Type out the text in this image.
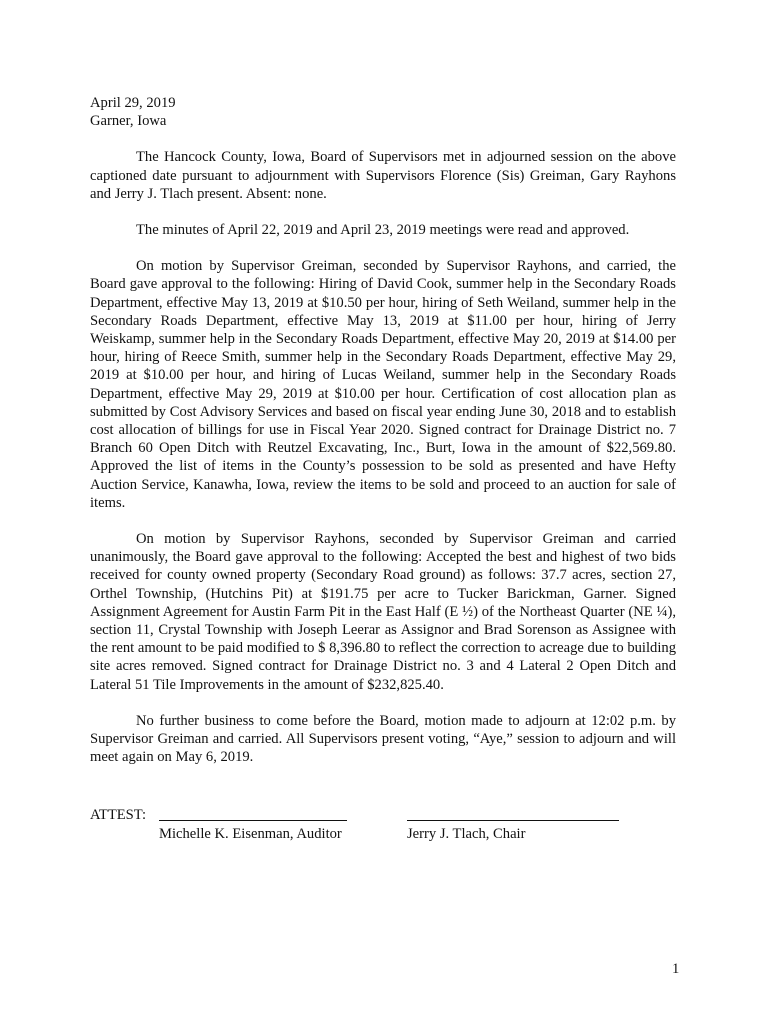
April 29, 2019

Garner, Iowa

The Hancock County, Iowa, Board of Supervisors met in adjourned session on the above captioned date pursuant to adjournment with Supervisors Florence (Sis) Greiman, Gary Rayhons and Jerry J. Tlach present. Absent: none.

The minutes of April 22, 2019 and April 23, 2019 meetings were read and approved.

On motion by Supervisor Greiman, seconded by Supervisor Rayhons, and carried, the Board gave approval to the following: Hiring of David Cook, summer help in the Secondary Roads Department, effective May 13, 2019 at $10.50 per hour, hiring of Seth Weiland, summer help in the Secondary Roads Department, effective May 13, 2019 at $11.00 per hour, hiring of Jerry Weiskamp, summer help in the Secondary Roads Department, effective May 20, 2019 at $14.00 per hour, hiring of Reece Smith, summer help in the Secondary Roads Department, effective May 29, 2019 at $10.00 per hour, and hiring of Lucas Weiland, summer help in the Secondary Roads Department, effective May 29, 2019 at $10.00 per hour. Certification of cost allocation plan as submitted by Cost Advisory Services and based on fiscal year ending June 30, 2018 and to establish cost allocation of billings for use in Fiscal Year 2020. Signed contract for Drainage District no. 7 Branch 60 Open Ditch with Reutzel Excavating, Inc., Burt, Iowa in the amount of $22,569.80. Approved the list of items in the County’s possession to be sold as presented and have Hefty Auction Service, Kanawha, Iowa, review the items to be sold and proceed to an auction for sale of items.

On motion by Supervisor Rayhons, seconded by Supervisor Greiman and carried unanimously, the Board gave approval to the following: Accepted the best and highest of two bids received for county owned property (Secondary Road ground) as follows: 37.7 acres, section 27, Orthel Township, (Hutchins Pit) at $191.75 per acre to Tucker Barickman, Garner. Signed Assignment Agreement for Austin Farm Pit in the East Half (E ½) of the Northeast Quarter (NE ¼), section 11, Crystal Township with Joseph Leerar as Assignor and Brad Sorenson as Assignee with the rent amount to be paid modified to $ 8,396.80 to reflect the correction to acreage due to building site acres removed. Signed contract for Drainage District no. 3 and 4 Lateral 2 Open Ditch and Lateral 51 Tile Improvements in the amount of $232,825.40.

No further business to come before the Board, motion made to adjourn at 12:02 p.m. by Supervisor Greiman and carried. All Supervisors present voting, “Aye,” session to adjourn and will meet again on May 6, 2019.

ATTEST:
Michelle K. Eisenman, Auditor	Jerry J. Tlach, Chair
1
